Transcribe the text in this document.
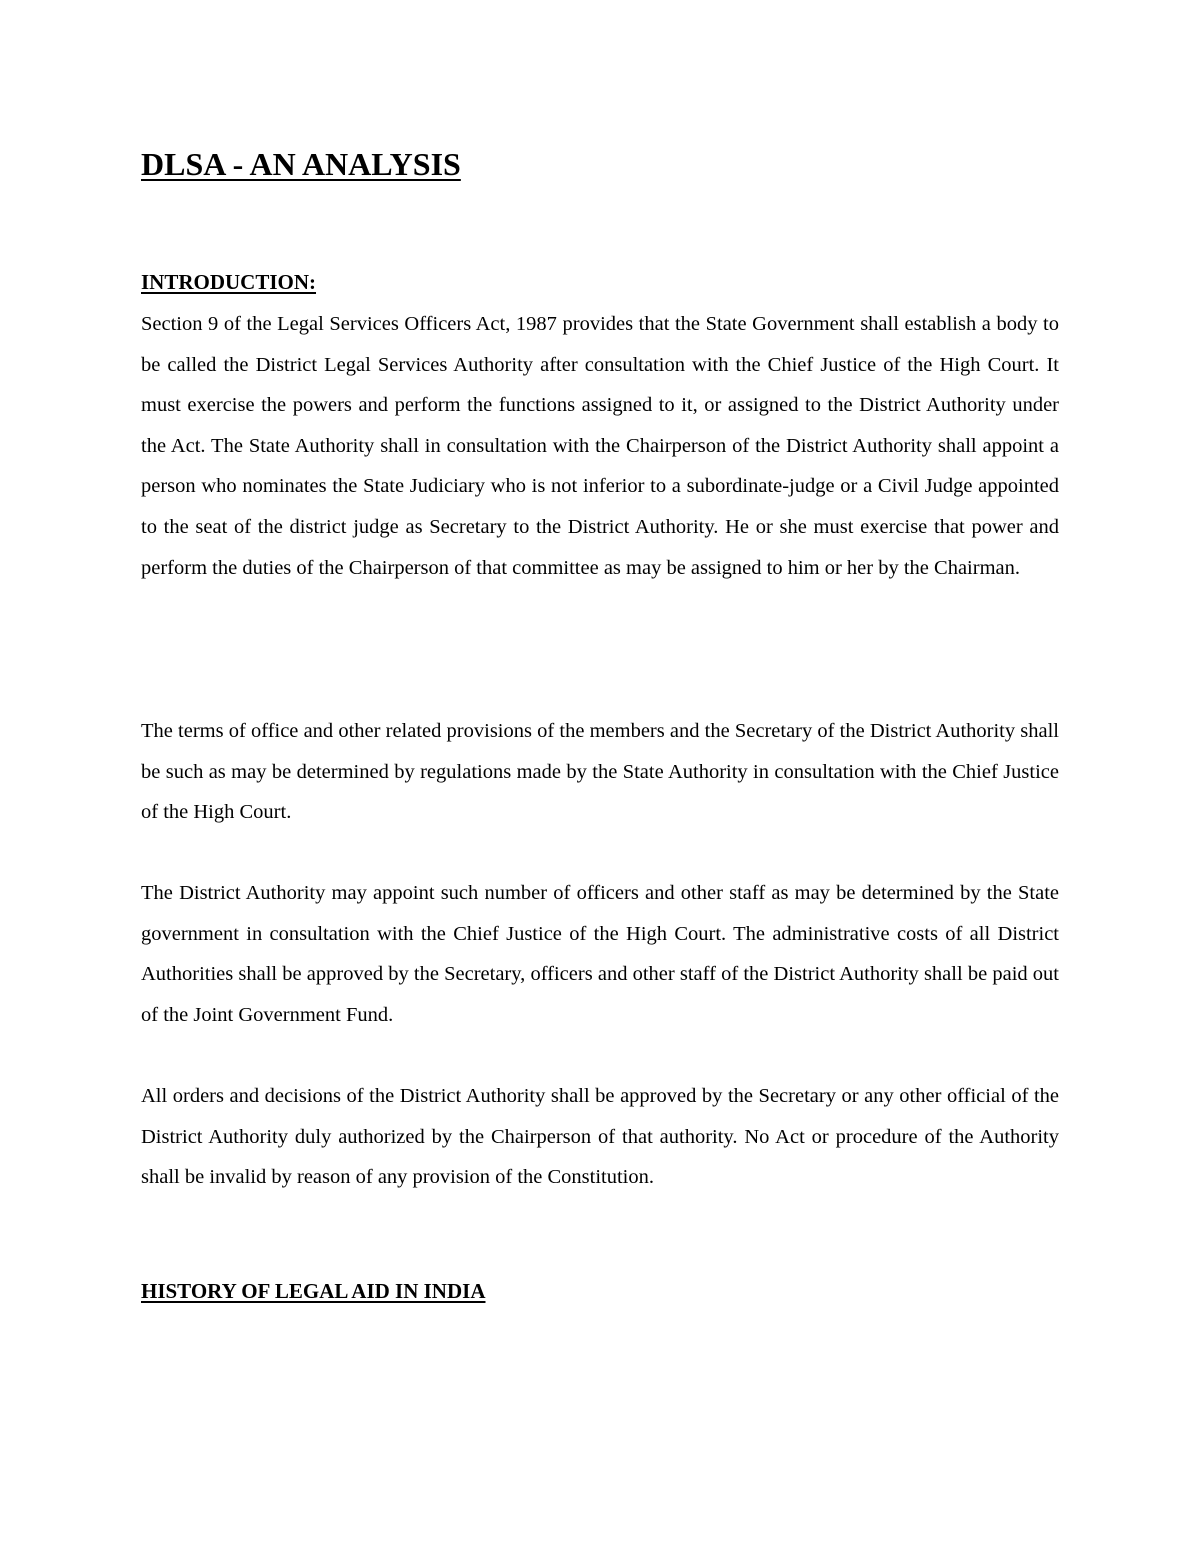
DLSA - AN ANALYSIS
INTRODUCTION:

Section 9 of the Legal Services Officers Act, 1987 provides that the State Government shall establish a body to be called the District Legal Services Authority after consultation with the Chief Justice of the High Court. It must exercise the powers and perform the functions assigned to it, or assigned to the District Authority under the Act. The State Authority shall in consultation with the Chairperson of the District Authority shall appoint a person who nominates the State Judiciary who is not inferior to a subordinate-judge or a Civil Judge appointed to the seat of the district judge as Secretary to the District Authority. He or she must exercise that power and perform the duties of the Chairperson of that committee as may be assigned to him or her by the Chairman.

The terms of office and other related provisions of the members and the Secretary of the District Authority shall be such as may be determined by regulations made by the State Authority in consultation with the Chief Justice of the High Court.

The District Authority may appoint such number of officers and other staff as may be determined by the State government in consultation with the Chief Justice of the High Court. The administrative costs of all District Authorities shall be approved by the Secretary, officers and other staff of the District Authority shall be paid out of the Joint Government Fund.

All orders and decisions of the District Authority shall be approved by the Secretary or any other official of the District Authority duly authorized by the Chairperson of that authority. No Act or procedure of the Authority shall be invalid by reason of any provision of the Constitution.

HISTORY OF LEGAL AID IN INDIA
